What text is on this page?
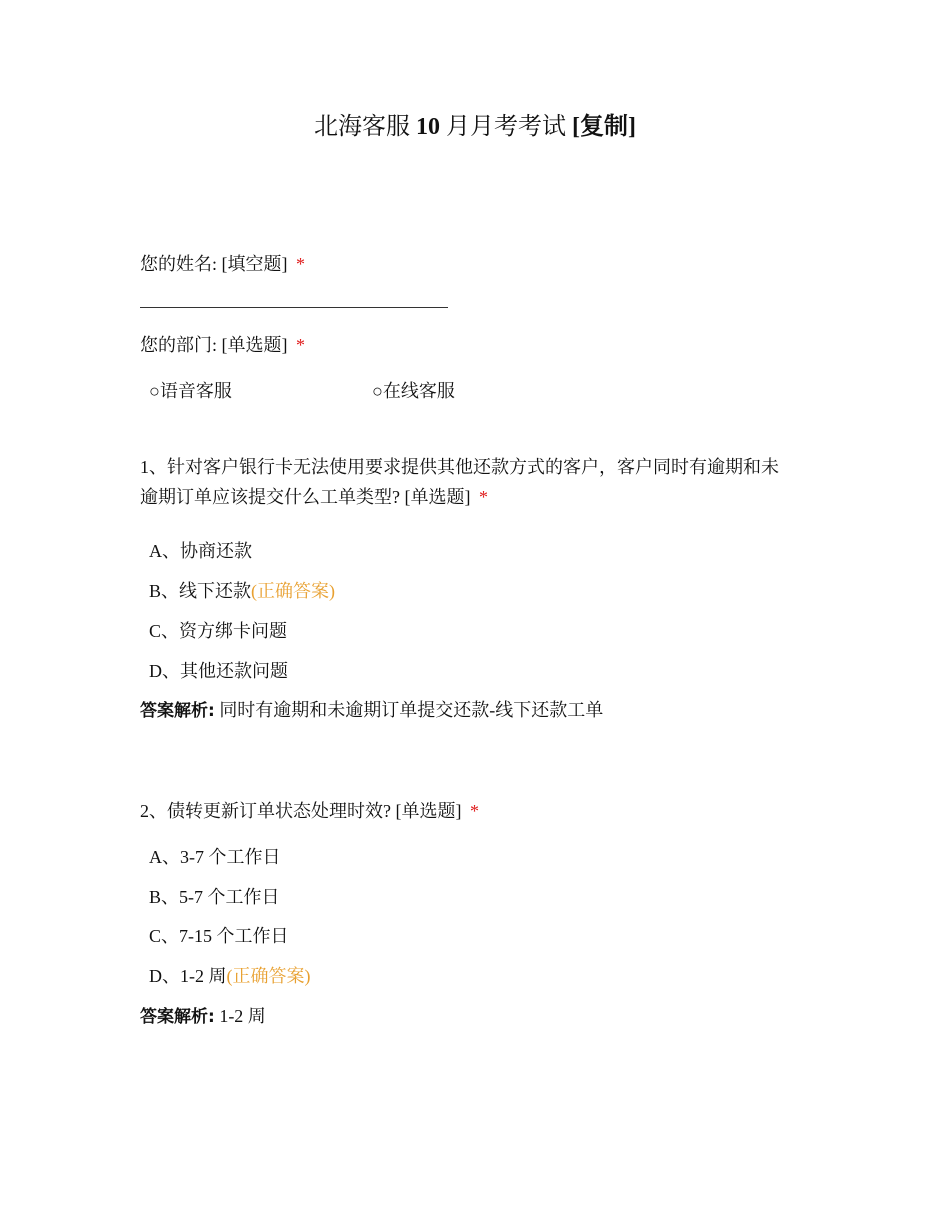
北海客服 10 月月考考试 [复制]
您的姓名: [填空题] *
您的部门: [单选题] *
○语音客服	○在线客服
1、针对客户银行卡无法使用要求提供其他还款方式的客户，客户同时有逾期和未
逾期订单应该提交什么工单类型? [单选题] *
A、协商还款
B、线下还款(正确答案)
C、资方绑卡问题
D、其他还款问题
答案解析: 同时有逾期和未逾期订单提交还款-线下还款工单
2、债转更新订单状态处理时效? [单选题] *
A、3-7 个工作日
B、5-7 个工作日
C、7-15 个工作日
D、1-2 周(正确答案)
答案解析: 1-2 周
